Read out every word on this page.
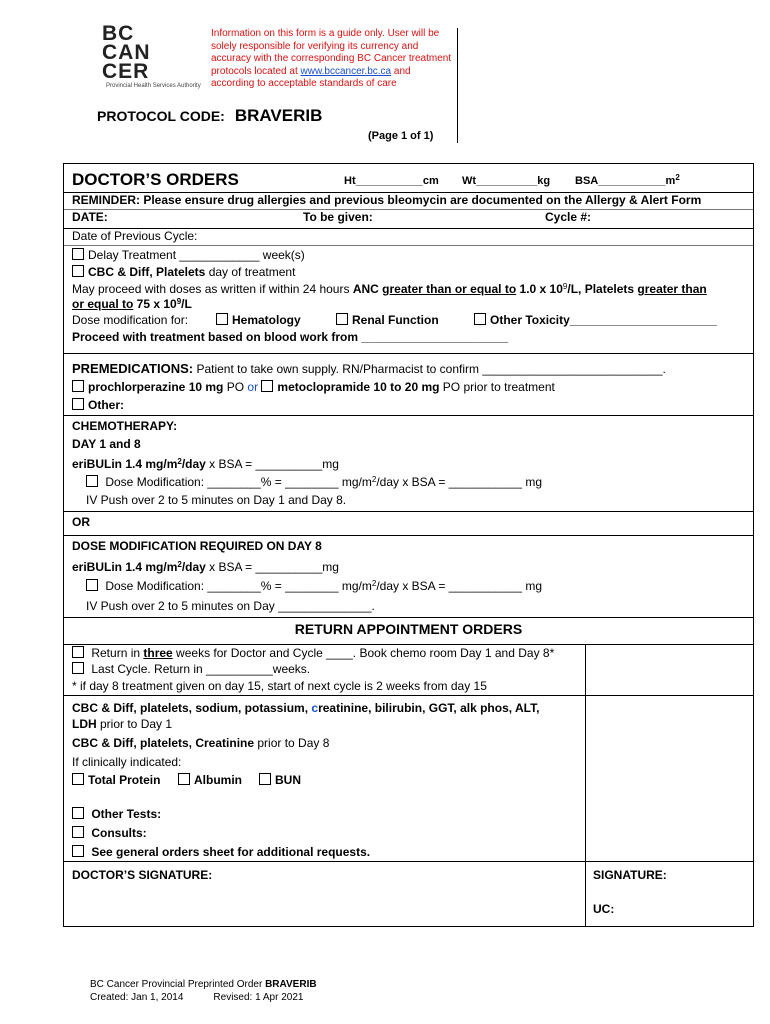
BC
CAN
CER
Provincial Health Services Authority
Information on this form is a guide only. User will be solely responsible for verifying its currency and accuracy with the corresponding BC Cancer treatment protocols located at www.bccancer.bc.ca and according to acceptable standards of care
PROTOCOL CODE: BRAVERIB
(Page 1 of 1)
DOCTOR’S ORDERS	Ht___________cm Wt__________kg $BSA\_\_\_\_\_\_\_\_\_\_\_m^2$
REMINDER: Please ensure drug allergies and previous bleomycin are documented on the Allergy & Alert Form
DATE:	To be given:	Cycle #:
Date of Previous Cycle:
Delay Treatment ____________ week(s)
CBC & Diff, Platelets day of treatment
May proceed with doses as written if within 24 hours ANC greater than or equal to 1.0 x $10^9/L$, Platelets greater than
or equal to 75 x $10^9/L$
Dose modification for:	Hematology	Renal Function	Other Toxicity______________________
Proceed with treatment based on blood work from ______________________
PREMEDICATIONS: Patient to take own supply. RN/Pharmacist to confirm ___________________________.
prochlorperazine 10 mg PO or metoclopramide 10 to 20 mg PO prior to treatment
Other:
CHEMOTHERAPY:
DAY 1 and 8
eriBULin 1.4 $mg/m^2$/day x BSA = __________mg
Dose Modification: ________% = ________ $mg/m^2$/day x BSA = ___________ mg
IV Push over 2 to 5 minutes on Day 1 and Day 8.
OR
DOSE MODIFICATION REQUIRED ON DAY 8
eriBULin 1.4 $mg/m^2$/day x BSA = __________mg
Dose Modification: ________% = ________ $mg/m^2$/day x BSA = ___________ mg
IV Push over 2 to 5 minutes on Day ______________.
RETURN APPOINTMENT ORDERS
Return in three weeks for Doctor and Cycle ____. Book chemo room Day 1 and Day 8*
Last Cycle. Return in __________weeks.
* if day 8 treatment given on day 15, start of next cycle is 2 weeks from day 15
CBC & Diff, platelets, sodium, potassium, creatinine, bilirubin, GGT, alk phos, ALT,
LDH prior to Day 1
CBC & Diff, platelets, Creatinine prior to Day 8
If clinically indicated:
Total Protein	Albumin	BUN
Other Tests:
Consults:
See general orders sheet for additional requests.
DOCTOR’S SIGNATURE:	SIGNATURE:
UC:
BC Cancer Provincial Preprinted Order BRAVERIB
Created: Jan 1, 2014	Revised: 1 Apr 2021
